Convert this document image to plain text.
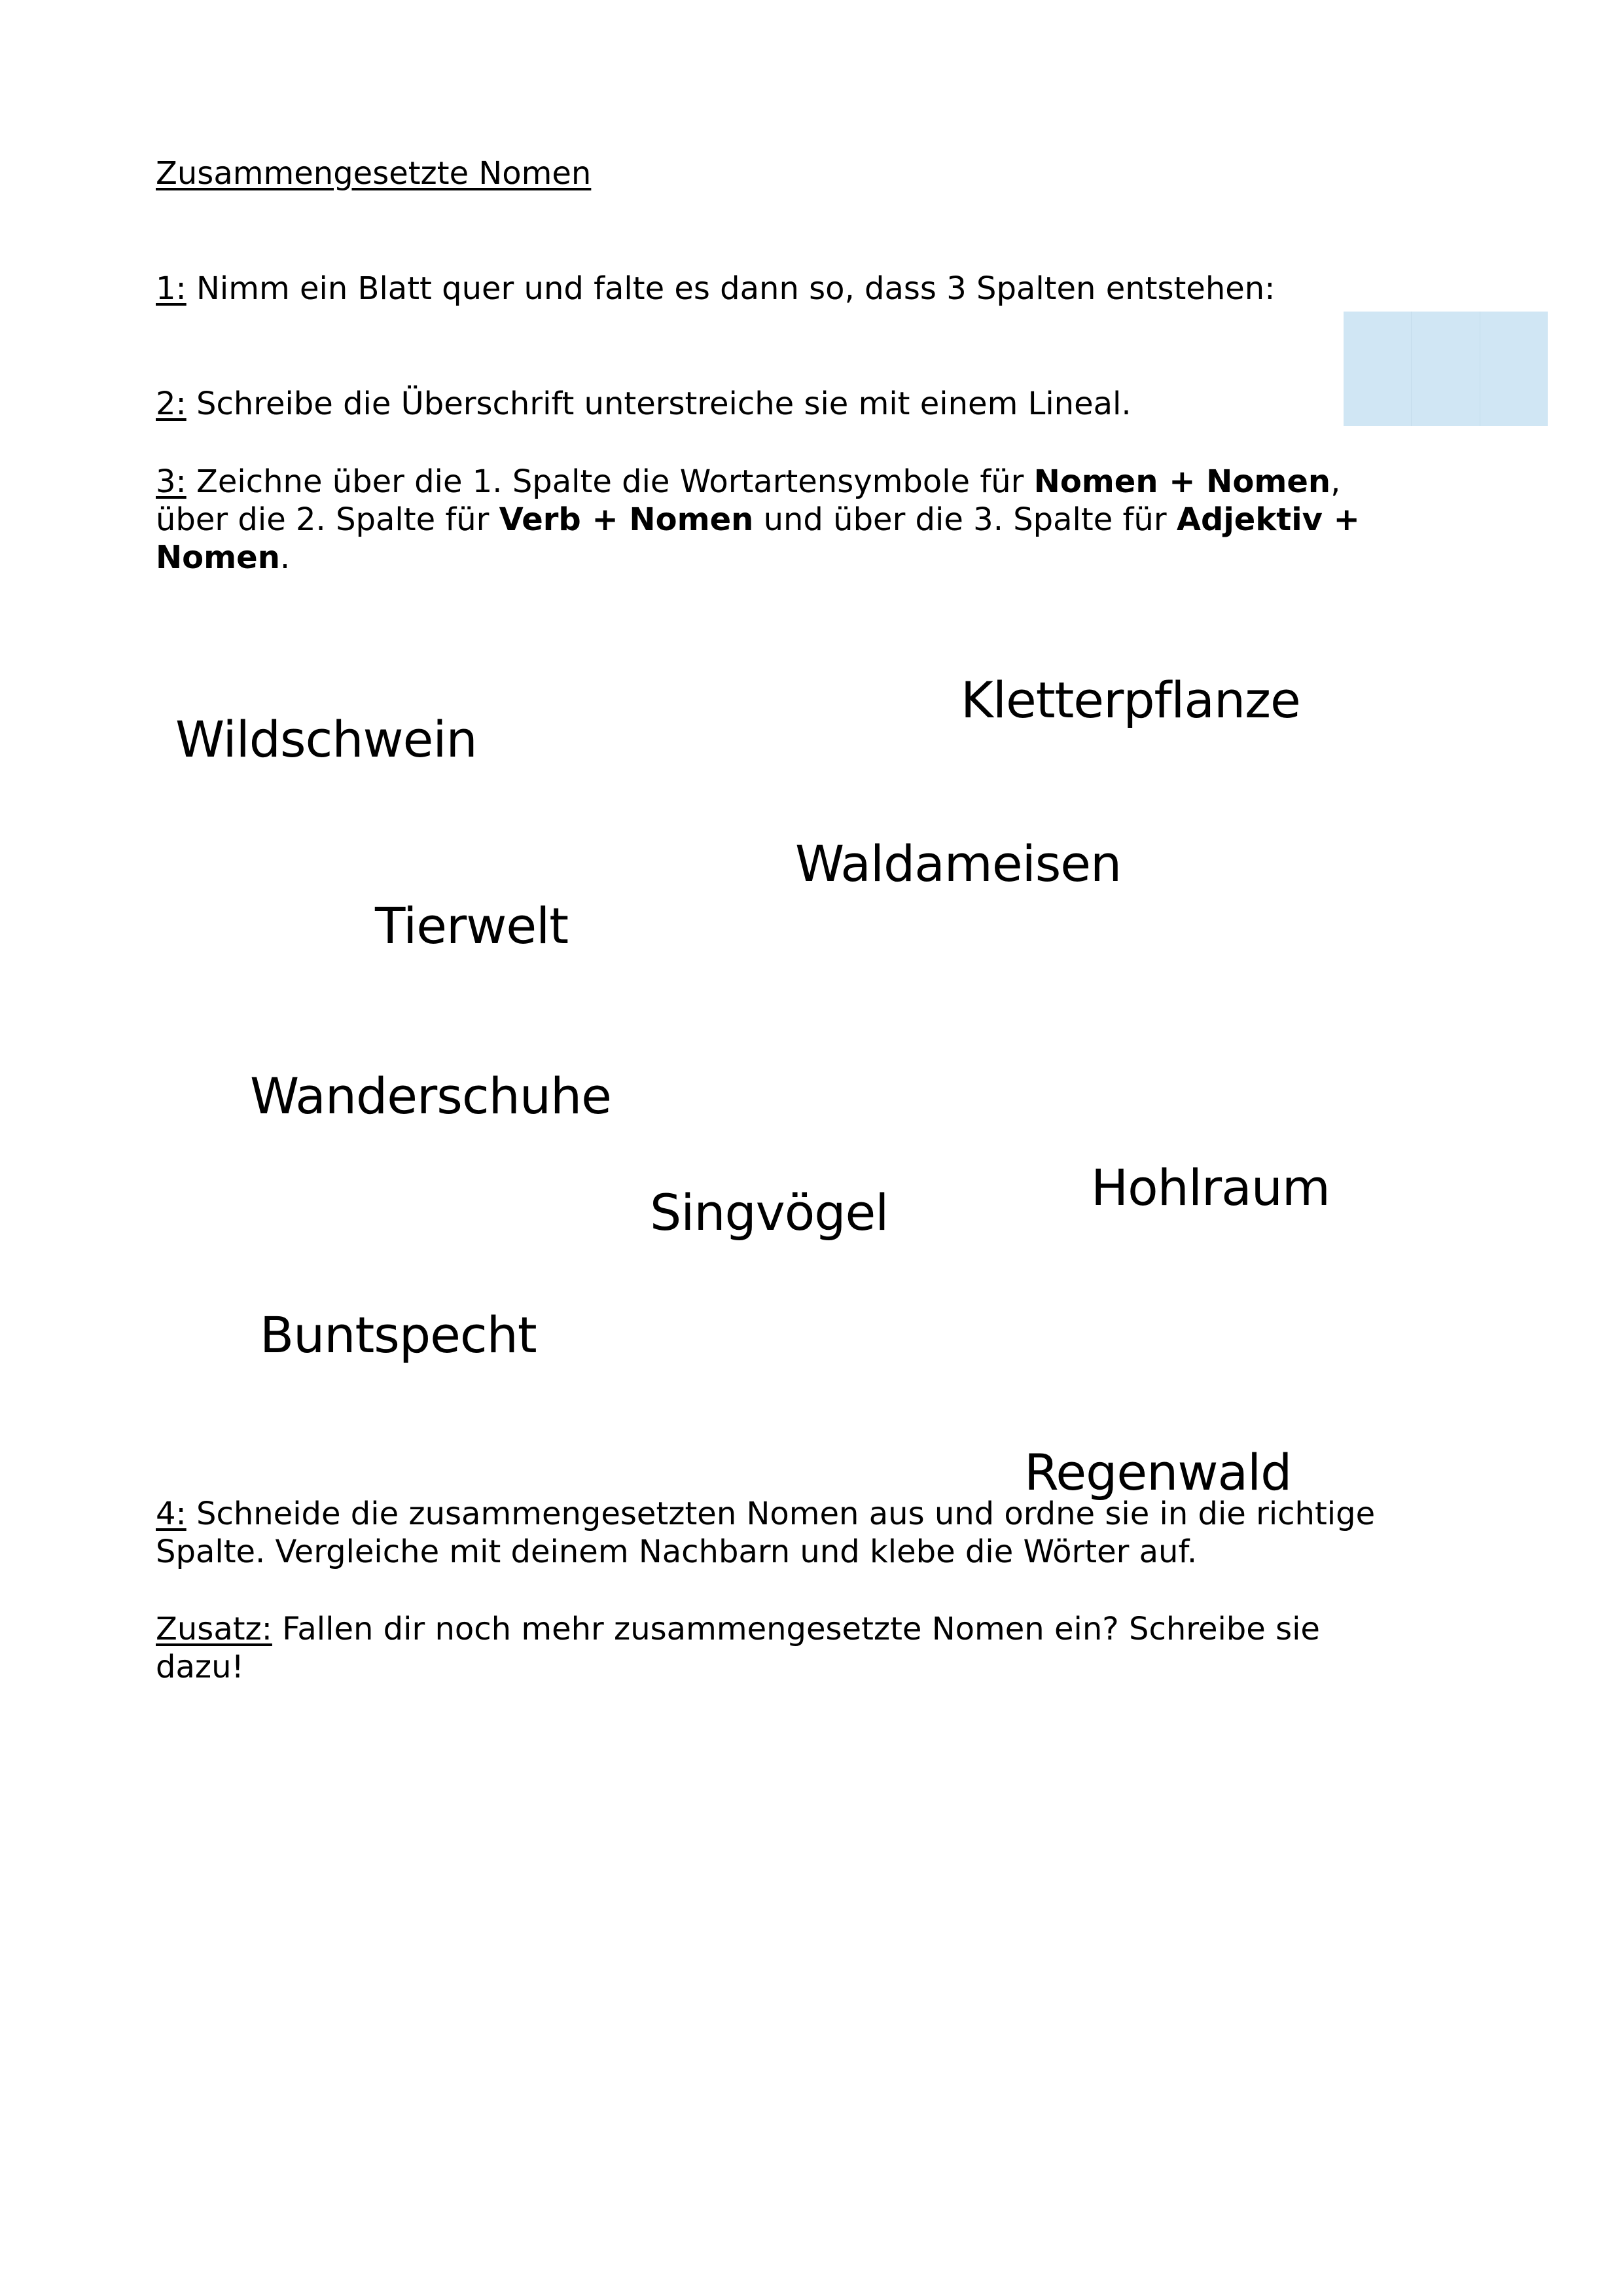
Zusammengesetzte Nomen

1: Nimm ein Blatt quer und falte es dann so, dass 3 Spalten entstehen:

2: Schreibe die Überschrift unterstreiche sie mit einem Lineal.

3: Zeichne über die 1. Spalte die Wortartensymbole für Nomen + Nomen,

über die 2. Spalte für Verb + Nomen und über die 3. Spalte für Adjektiv +

Nomen.

Kletterpflanze
Wildschwein
Waldameisen
Tierwelt
Wanderschuhe
Hohlraum
Singvögel
Buntspecht
Regenwald

4: Schneide die zusammengesetzten Nomen aus und ordne sie in die richtige

Spalte. Vergleiche mit deinem Nachbarn und klebe die Wörter auf.

Zusatz: Fallen dir noch mehr zusammengesetzte Nomen ein? Schreibe sie

dazu!
